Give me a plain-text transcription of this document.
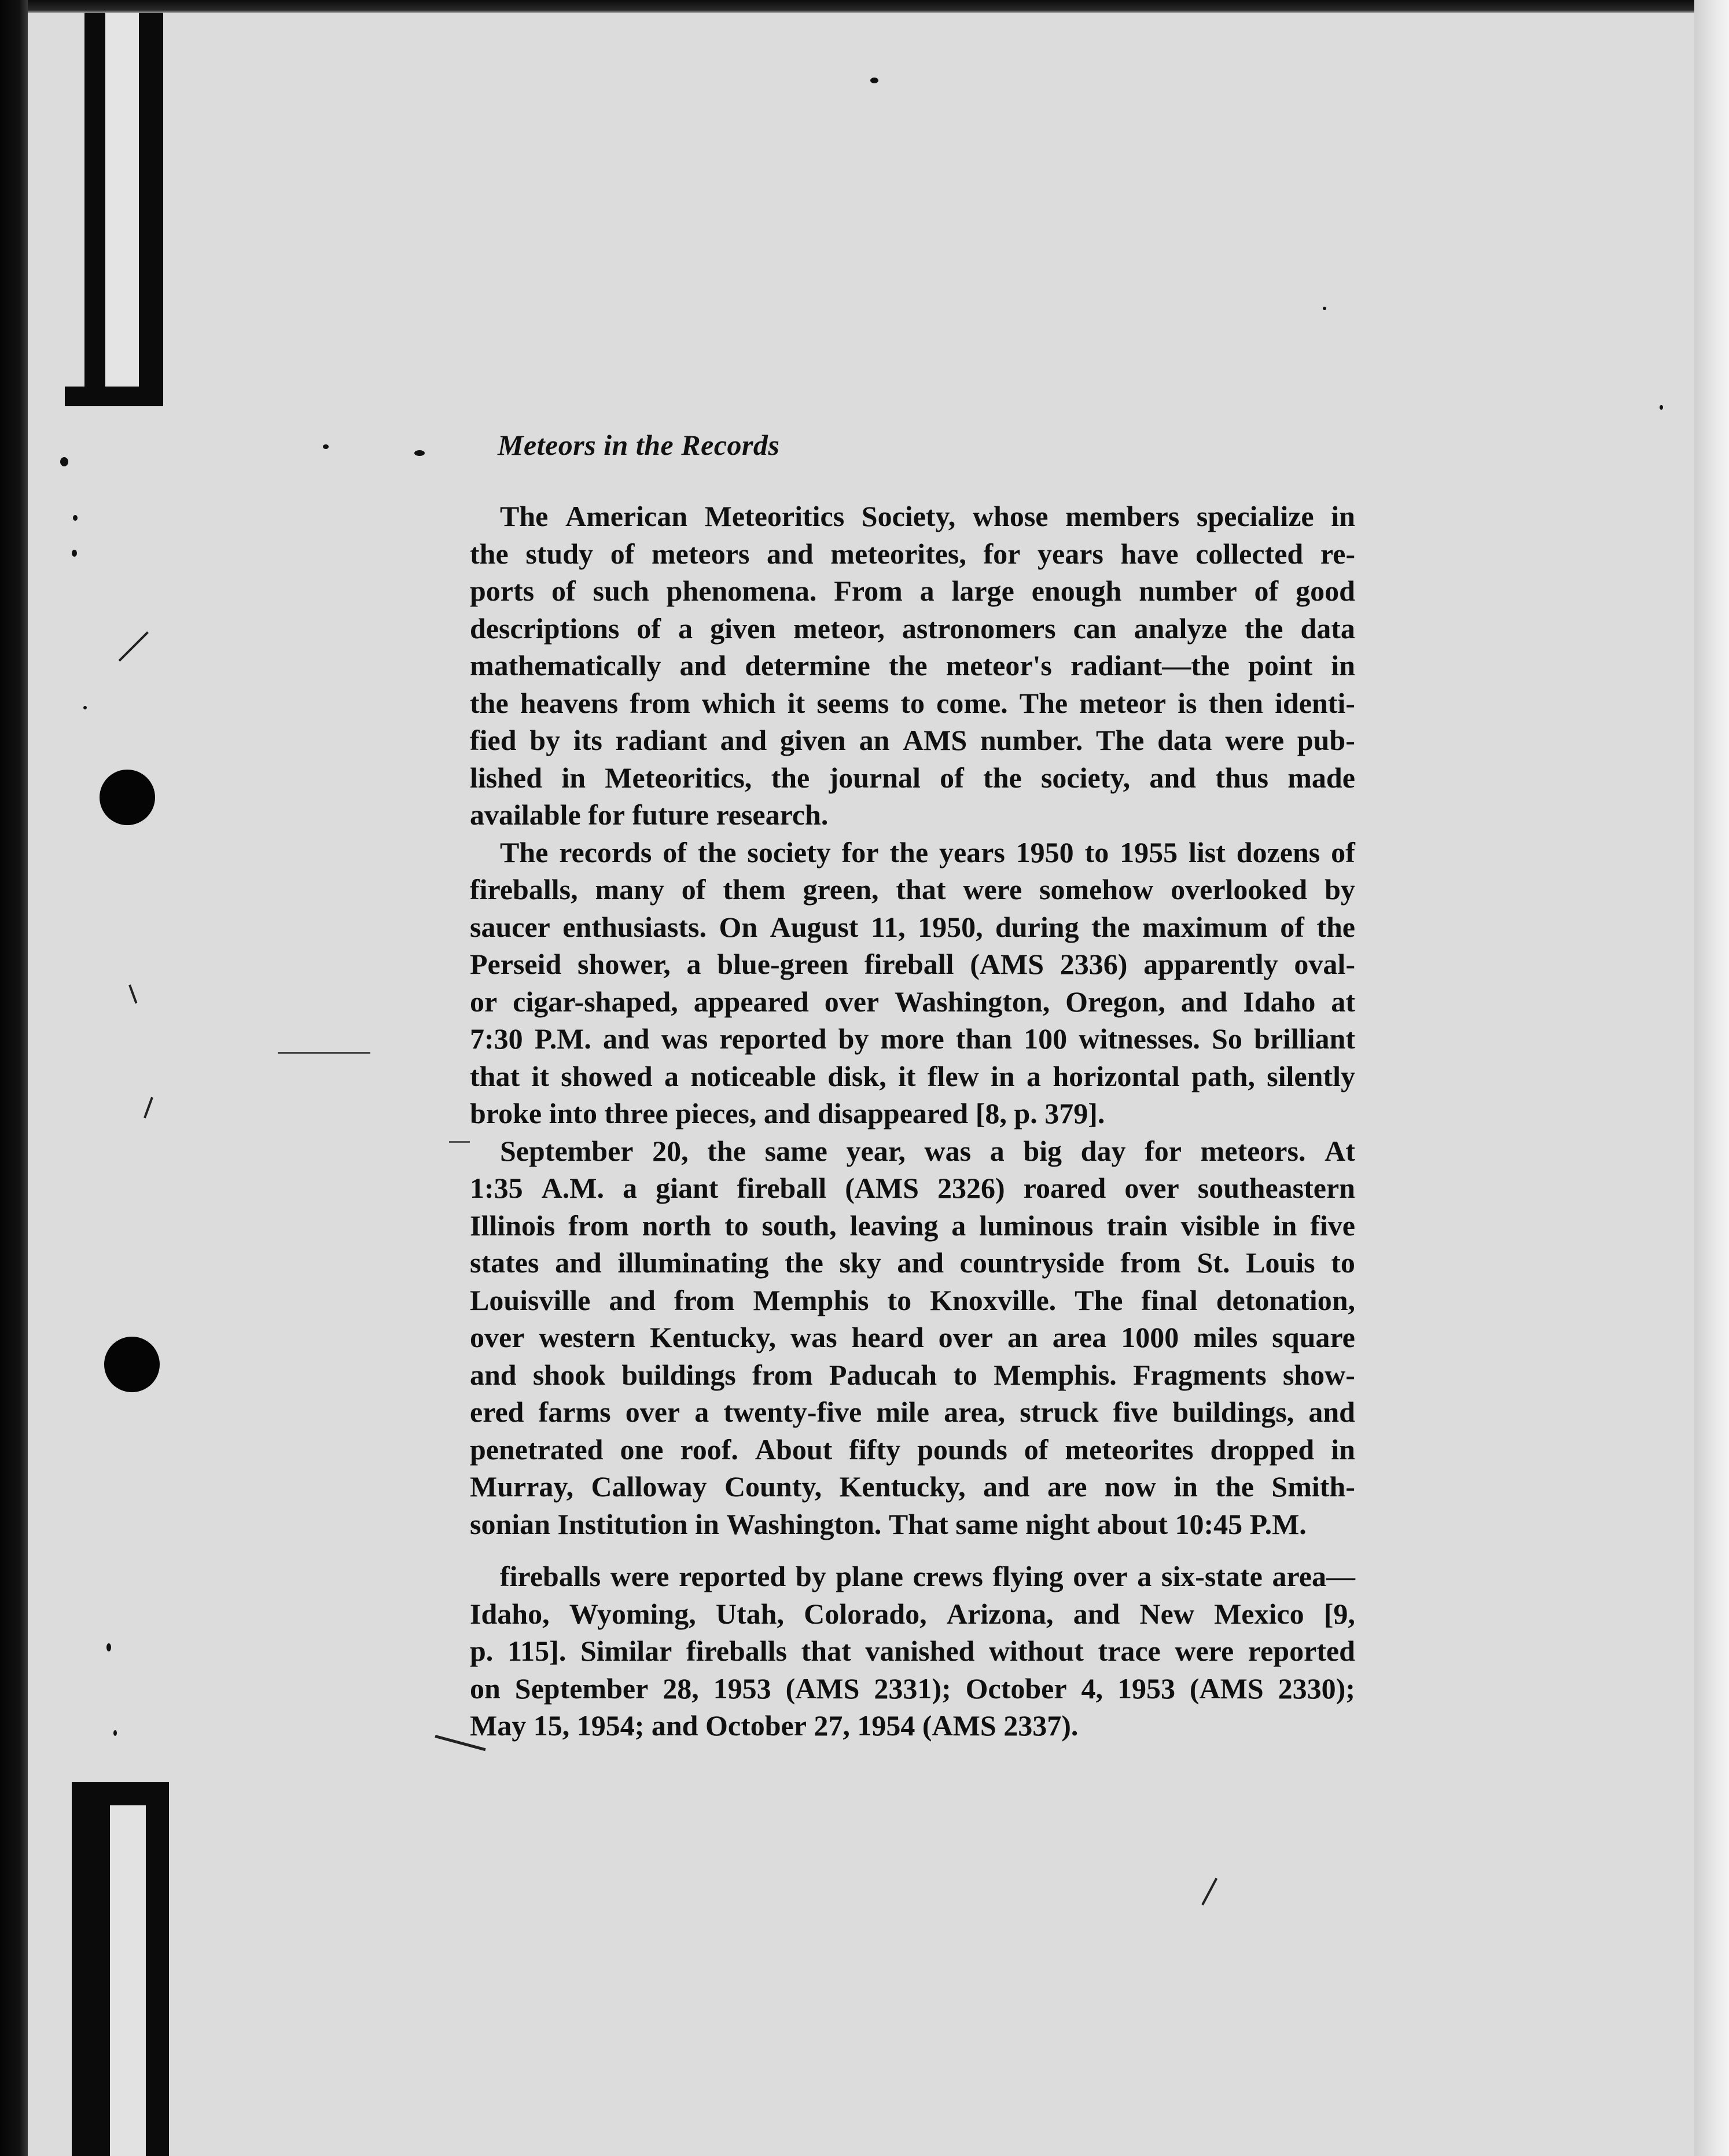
Meteors in the Records
The American Meteoritics Society, whose members specialize in
the study of meteors and meteorites, for years have collected re-
ports of such phenomena. From a large enough number of good
descriptions of a given meteor, astronomers can analyze the data
mathematically and determine the meteor's radiant—the point in
the heavens from which it seems to come. The meteor is then identi-
fied by its radiant and given an AMS number. The data were pub-
lished in Meteoritics, the journal of the society, and thus made
available for future research.
The records of the society for the years 1950 to 1955 list dozens of
fireballs, many of them green, that were somehow overlooked by
saucer enthusiasts. On August 11, 1950, during the maximum of the
Perseid shower, a blue-green fireball (AMS 2336) apparently oval-
or cigar-shaped, appeared over Washington, Oregon, and Idaho at
7:30 P.M. and was reported by more than 100 witnesses. So brilliant
that it showed a noticeable disk, it flew in a horizontal path, silently
broke into three pieces, and disappeared [8, p. 379].
September 20, the same year, was a big day for meteors. At
1:35 A.M. a giant fireball (AMS 2326) roared over southeastern
Illinois from north to south, leaving a luminous train visible in five
states and illuminating the sky and countryside from St. Louis to
Louisville and from Memphis to Knoxville. The final detonation,
over western Kentucky, was heard over an area 1000 miles square
and shook buildings from Paducah to Memphis. Fragments show-
ered farms over a twenty-five mile area, struck five buildings, and
penetrated one roof. About fifty pounds of meteorites dropped in
Murray, Calloway County, Kentucky, and are now in the Smith-
sonian Institution in Washington. That same night about 10:45 P.M.
fireballs were reported by plane crews flying over a six-state area—
Idaho, Wyoming, Utah, Colorado, Arizona, and New Mexico [9,
p. 115]. Similar fireballs that vanished without trace were reported
on September 28, 1953 (AMS 2331); October 4, 1953 (AMS 2330);
May 15, 1954; and October 27, 1954 (AMS 2337).
